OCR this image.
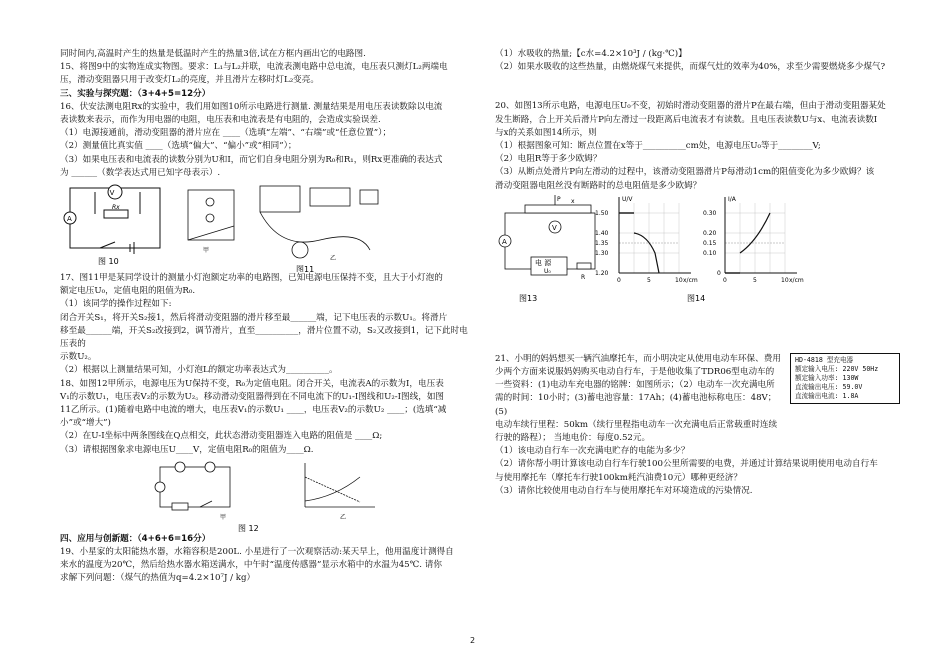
同时间内,高温时产生的热量是低温时产生的热量3倍,试在方框内画出它的电路图.

15、将图9中的实物连成实物图。要求：L₁与L₂并联，电流表测电路中总电流，电压表只测灯L₂两端电

压，滑动变阻器只用于改变灯L₂的亮度，并且滑片左移时灯L₂变亮。

三、实验与探究题：（3+4+5=12分）

16、伏安法测电阻Rx的实验中，我们用如图10所示电路进行测量. 测量结果是用电压表读数除以电流

表读数来表示，而作为用电器的电阻，电压表和电流表是有电阻的，会造成实验误差.

（1）电源接通前，滑动变阻器的滑片应在 ____（选填“左端”、“右端”或“任意位置”）；

（2）测量值比真实值 ____（选填“偏大”、“偏小”或“相同”）；

（3）如果电压表和电流表的读数分别为U和I，而它们自身电阻分别为R₀和R₁，则Rx更准确的表达式

为 ______（数学表达式用已知字母表示）.

V
A
Rx
图 10
甲
乙
图11

17、图11甲是某同学设计的测量小灯泡额定功率的电路图，已知电源电压保持不变，且大于小灯泡的

额定电压U₀，定值电阻的阻值为R₀.

（1）该同学的操作过程如下:

闭合开关S₁，将开关S₂接1，然后将滑动变阻器的滑片移至最______端，记下电压表的示数U₁。将滑片

移至最______端，开关S₂改接到2，调节滑片，直至__________，滑片位置不动，S₂又改接到1，记下此时电压表的

示数U₂。

（2）根据以上测量结果可知，小灯泡L的额定功率表达式为__________。

18、如图12甲所示，电源电压为U保持不变，R₀为定值电阻。闭合开关，电流表A的示数为I，电压表

V₁的示数U₁，电压表V₂的示数为U₂。移动滑动变阻器得到在不同电流下的U₁-I图线和U₂-I图线，如图

11乙所示。(1)随着电路中电流的增大，电压表V₁的示数U₁ ____，电压表V₂的示数U₂ ____；(选填“减

小”或“增大”)

（2）在U-I坐标中两条图线在Q点相交，此状态滑动变阻器连入电路的阻值是 ____Ω;

（3）请根据图象求电源电压U____V，定值电阻R₀的阻值为____Ω.

甲	乙
图 12

四、应用与创新题：（4+6+6=16分）

19、小星家的太阳能热水器，水箱容积是200L. 小星进行了一次观察活动:某天早上，他用温度计测得自

来水的温度为20℃，然后给热水器水箱送满水，中午时“温度传感器”显示水箱中的水温为45℃. 请你

求解下列问题：（煤气的热值为q=4.2×10⁷J / kg）

（1）水吸收的热量;【c水=4.2×10³J / (kg·℃)】

（2）如果水吸收的这些热量，由燃烧煤气来提供，而煤气灶的效率为40%，求至少需要燃烧多少煤气?

20、如图13所示电路，电源电压U₀不变，初始时滑动变阻器的滑片P在最右端，但由于滑动变阻器某处

发生断路，合上开关后滑片P向左滑过一段距离后电流表才有读数。且电压表读数U与x、电流表读数I

与x的关系如图14所示，则

（1）根据图象可知：断点位置在x等于__________cm处，电源电压U₀等于________V;

（2）电阻R等于多少欧姆？

（3）从断点处滑片P向左滑动的过程中，该滑动变阻器滑片P每滑动1cm的阻值变化为多少欧姆？该

滑动变阻器电阻丝没有断路时的总电阻值是多少欧姆？

P
A
V
电 源
U₀
R
x
图13
U/V
1.50
1.40
1.35
1.30
1.20
0	5	10 x/cm
I/A
0.30
0.20
0.15
0.10
0
0	5	10 x/cm
图14

21、小明的妈妈想买一辆汽油摩托车，而小明决定从使用电动车环保、费用

少两个方面来说服妈妈购买电动自行车，于是他收集了TDR06型电动车的

一些资料：(1)电动车充电器的铭牌：如图所示；（2）电动车一次充满电所

需的时间：10小时；(3)蓄电池容量：17Ah；(4)蓄电池标称电压：48V；(5)

电动车续行里程：50km（续行里程指电动车一次充满电后正常载重时连续

行驶的路程）； 当地电价：每度0.52元。

HD-4818 型充电器
额定输入电压: 220V 50Hz
额定输入功率: 130W
直流输出电压: 59.0V
直流输出电流: 1.8A

（1）该电动自行车一次充满电贮存的电能为多少？

（2）请你帮小明计算该电动自行车行驶100公里所需要的电费，并通过计算结果说明使用电动自行车

与使用摩托车（摩托车行驶100km耗汽油费10元）哪种更经济？

（3）请你比较使用电动自行车与使用摩托车对环境造成的污染情况.

2
